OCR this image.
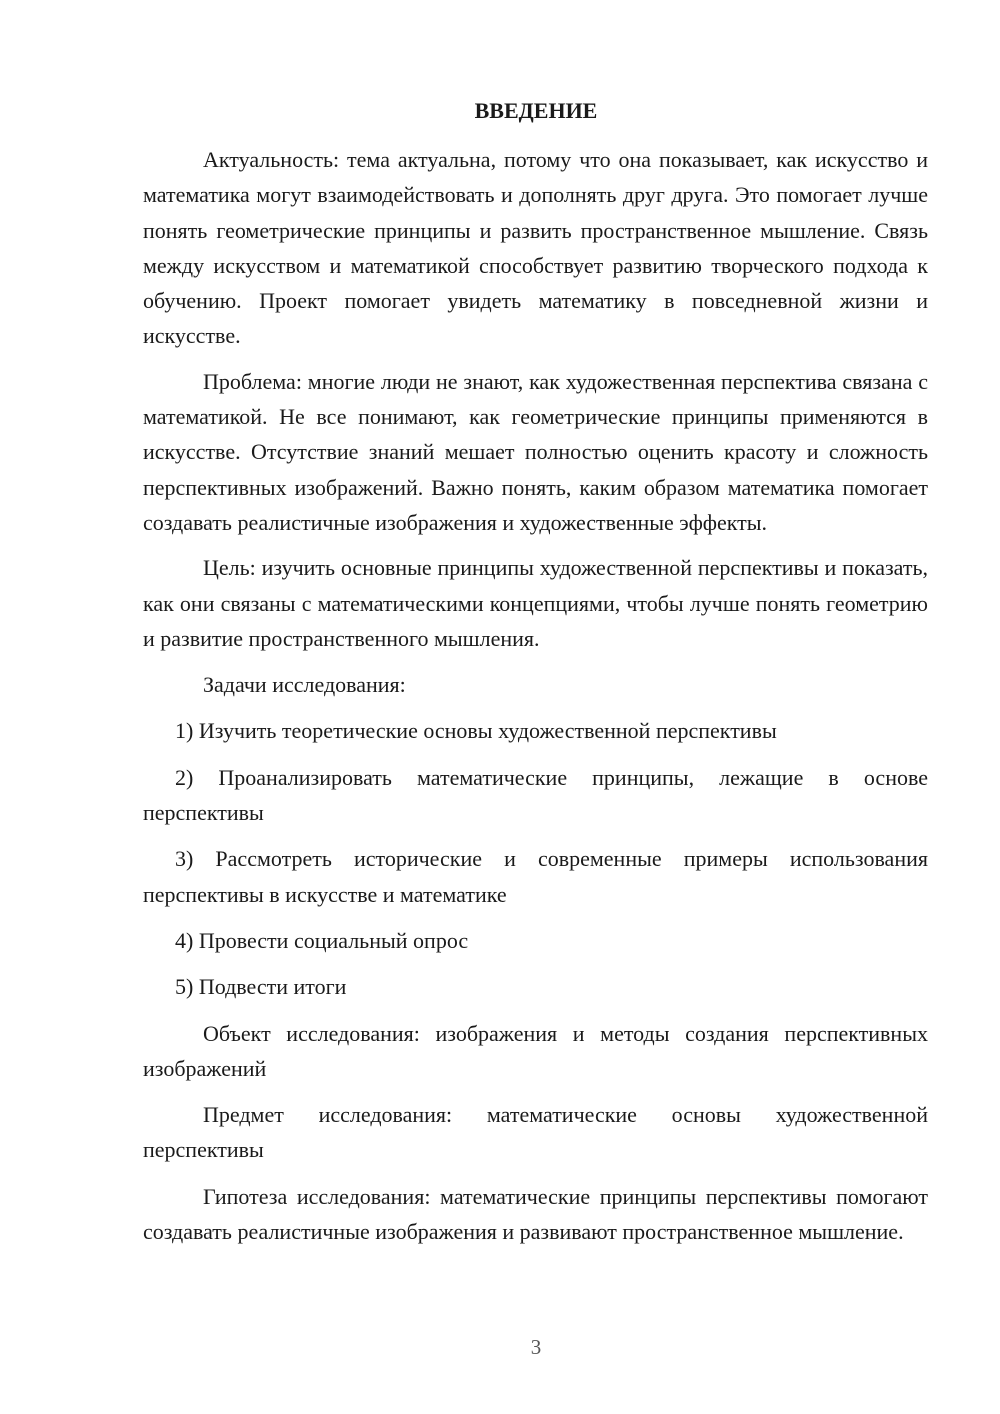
ВВЕДЕНИЕ

Актуальность: тема актуальна, потому что она показывает, как искусство и математика могут взаимодействовать и дополнять друг друга. Это помогает лучше понять геометрические принципы и развить пространственное мышление. Связь между искусством и математикой способствует развитию творческого подхода к обучению. Проект помогает увидеть математику в повседневной жизни и искусстве.

Проблема: многие люди не знают, как художественная перспектива связана с математикой. Не все понимают, как геометрические принципы применяются в искусстве. Отсутствие знаний мешает полностью оценить красоту и сложность перспективных изображений. Важно понять, каким образом математика помогает создавать реалистичные изображения и художественные эффекты.

Цель: изучить основные принципы художественной перспективы и показать, как они связаны с математическими концепциями, чтобы лучше понять геометрию и развитие пространственного мышления.

Задачи исследования:

1) Изучить теоретические основы художественной перспективы

2) Проанализировать математические принципы, лежащие в основе перспективы

3) Рассмотреть исторические и современные примеры использования перспективы в искусстве и математике

4) Провести социальный опрос

5) Подвести итоги

Объект исследования: изображения и методы создания перспективных изображений

Предмет исследования: математические основы художественной перспективы

Гипотеза исследования: математические принципы перспективы помогают создавать реалистичные изображения и развивают пространственное мышление.

3
